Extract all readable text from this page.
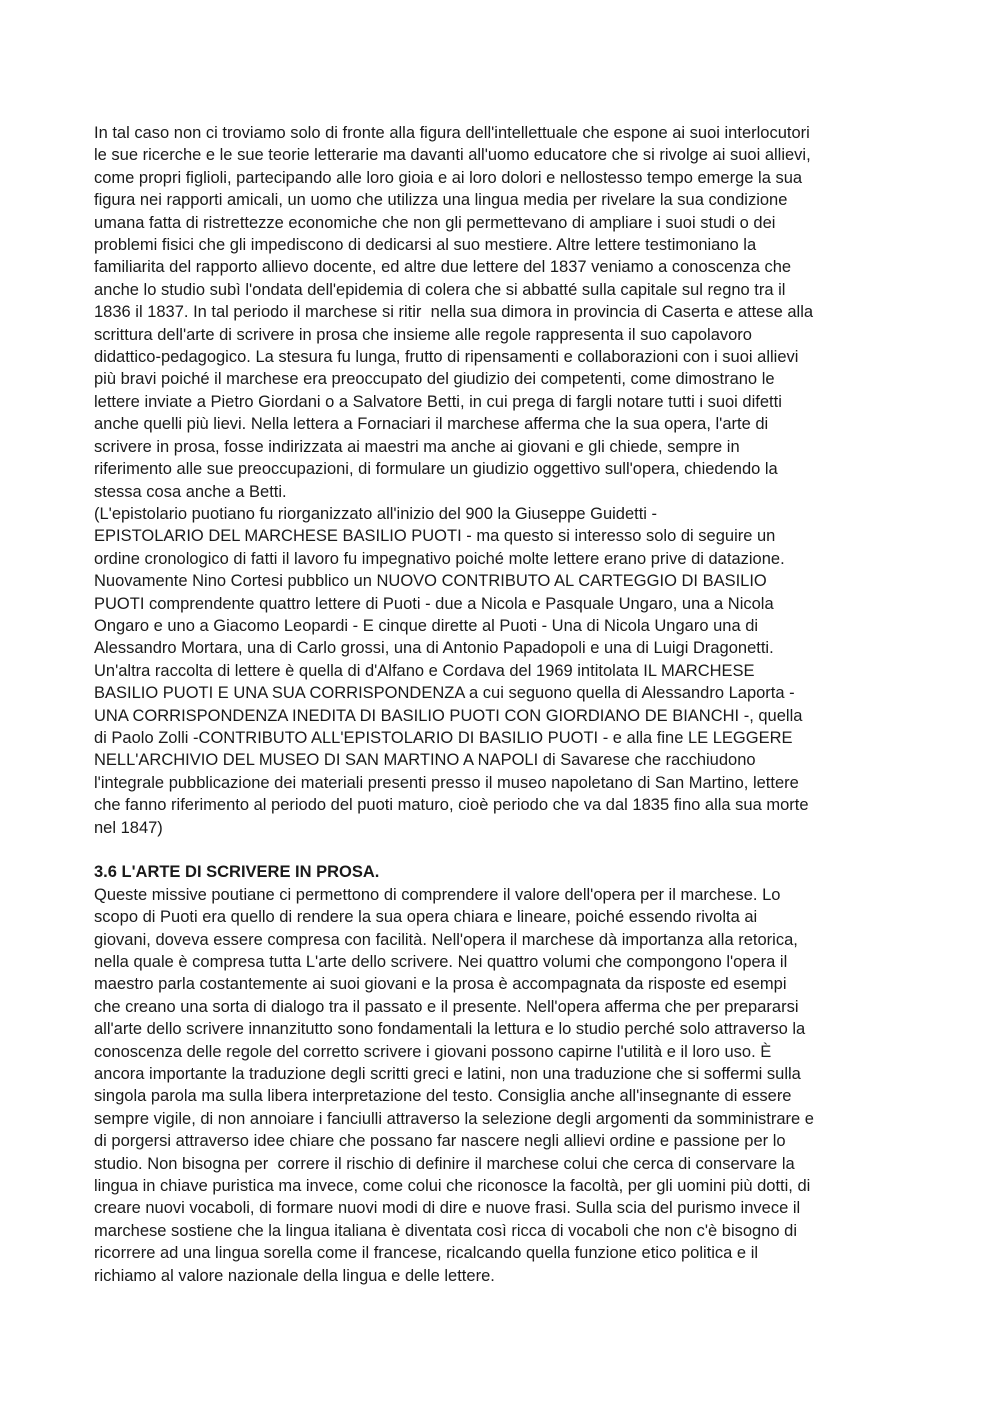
In tal caso non ci troviamo solo di fronte alla figura dell'intellettuale che espone ai suoi interlocutori
le sue ricerche e le sue teorie letterarie ma davanti all'uomo educatore che si rivolge ai suoi allievi,
come propri figlioli, partecipando alle loro gioia e ai loro dolori e nellostesso tempo emerge la sua
figura nei rapporti amicali, un uomo che utilizza una lingua media per rivelare la sua condizione
umana fatta di ristrettezze economiche che non gli permettevano di ampliare i suoi studi o dei
problemi fisici che gli impediscono di dedicarsi al suo mestiere. Altre lettere testimoniano la
familiarita del rapporto allievo docente, ed altre due lettere del 1837 veniamo a conoscenza che
anche lo studio subì l'ondata dell'epidemia di colera che si abbatté sulla capitale sul regno tra il
1836 il 1837. In tal periodo il marchese si ritir  nella sua dimora in provincia di Caserta e attese alla
scrittura dell'arte di scrivere in prosa che insieme alle regole rappresenta il suo capolavoro
didattico-pedagogico. La stesura fu lunga, frutto di ripensamenti e collaborazioni con i suoi allievi
più bravi poiché il marchese era preoccupato del giudizio dei competenti, come dimostrano le
lettere inviate a Pietro Giordani o a Salvatore Betti, in cui prega di fargli notare tutti i suoi difetti
anche quelli più lievi. Nella lettera a Fornaciari il marchese afferma che la sua opera, l'arte di
scrivere in prosa, fosse indirizzata ai maestri ma anche ai giovani e gli chiede, sempre in
riferimento alle sue preoccupazioni, di formulare un giudizio oggettivo sull'opera, chiedendo la
stessa cosa anche a Betti.
(L'epistolario puotiano fu riorganizzato all'inizio del 900 la Giuseppe Guidetti -
EPISTOLARIO DEL MARCHESE BASILIO PUOTI - ma questo si interesso solo di seguire un
ordine cronologico di fatti il lavoro fu impegnativo poiché molte lettere erano prive di datazione.
Nuovamente Nino Cortesi pubblico un NUOVO CONTRIBUTO AL CARTEGGIO DI BASILIO
PUOTI comprendente quattro lettere di Puoti - due a Nicola e Pasquale Ungaro, una a Nicola
Ongaro e uno a Giacomo Leopardi - E cinque dirette al Puoti - Una di Nicola Ungaro una di
Alessandro Mortara, una di Carlo grossi, una di Antonio Papadopoli e una di Luigi Dragonetti.
Un'altra raccolta di lettere è quella di d'Alfano e Cordava del 1969 intitolata IL MARCHESE
BASILIO PUOTI E UNA SUA CORRISPONDENZA a cui seguono quella di Alessandro Laporta -
UNA CORRISPONDENZA INEDITA DI BASILIO PUOTI CON GIORDIANO DE BIANCHI -, quella
di Paolo Zolli -CONTRIBUTO ALL'EPISTOLARIO DI BASILIO PUOTI - e alla fine LE LEGGERE
NELL'ARCHIVIO DEL MUSEO DI SAN MARTINO A NAPOLI di Savarese che racchiudono
l'integrale pubblicazione dei materiali presenti presso il museo napoletano di San Martino, lettere
che fanno riferimento al periodo del puoti maturo, cioè periodo che va dal 1835 fino alla sua morte
nel 1847)
3.6 L'ARTE DI SCRIVERE IN PROSA.
Queste missive poutiane ci permettono di comprendere il valore dell'opera per il marchese. Lo
scopo di Puoti era quello di rendere la sua opera chiara e lineare, poiché essendo rivolta ai
giovani, doveva essere compresa con facilità. Nell'opera il marchese dà importanza alla retorica,
nella quale è compresa tutta L'arte dello scrivere. Nei quattro volumi che compongono l'opera il
maestro parla costantemente ai suoi giovani e la prosa è accompagnata da risposte ed esempi
che creano una sorta di dialogo tra il passato e il presente. Nell'opera afferma che per prepararsi
all'arte dello scrivere innanzitutto sono fondamentali la lettura e lo studio perché solo attraverso la
conoscenza delle regole del corretto scrivere i giovani possono capirne l'utilità e il loro uso. È
ancora importante la traduzione degli scritti greci e latini, non una traduzione che si soffermi sulla
singola parola ma sulla libera interpretazione del testo. Consiglia anche all'insegnante di essere
sempre vigile, di non annoiare i fanciulli attraverso la selezione degli argomenti da somministrare e
di porgersi attraverso idee chiare che possano far nascere negli allievi ordine e passione per lo
studio. Non bisogna per  correre il rischio di definire il marchese colui che cerca di conservare la
lingua in chiave puristica ma invece, come colui che riconosce la facoltà, per gli uomini più dotti, di
creare nuovi vocaboli, di formare nuovi modi di dire e nuove frasi. Sulla scia del purismo invece il
marchese sostiene che la lingua italiana è diventata così ricca di vocaboli che non c'è bisogno di
ricorrere ad una lingua sorella come il francese, ricalcando quella funzione etico politica e il
richiamo al valore nazionale della lingua e delle lettere.
